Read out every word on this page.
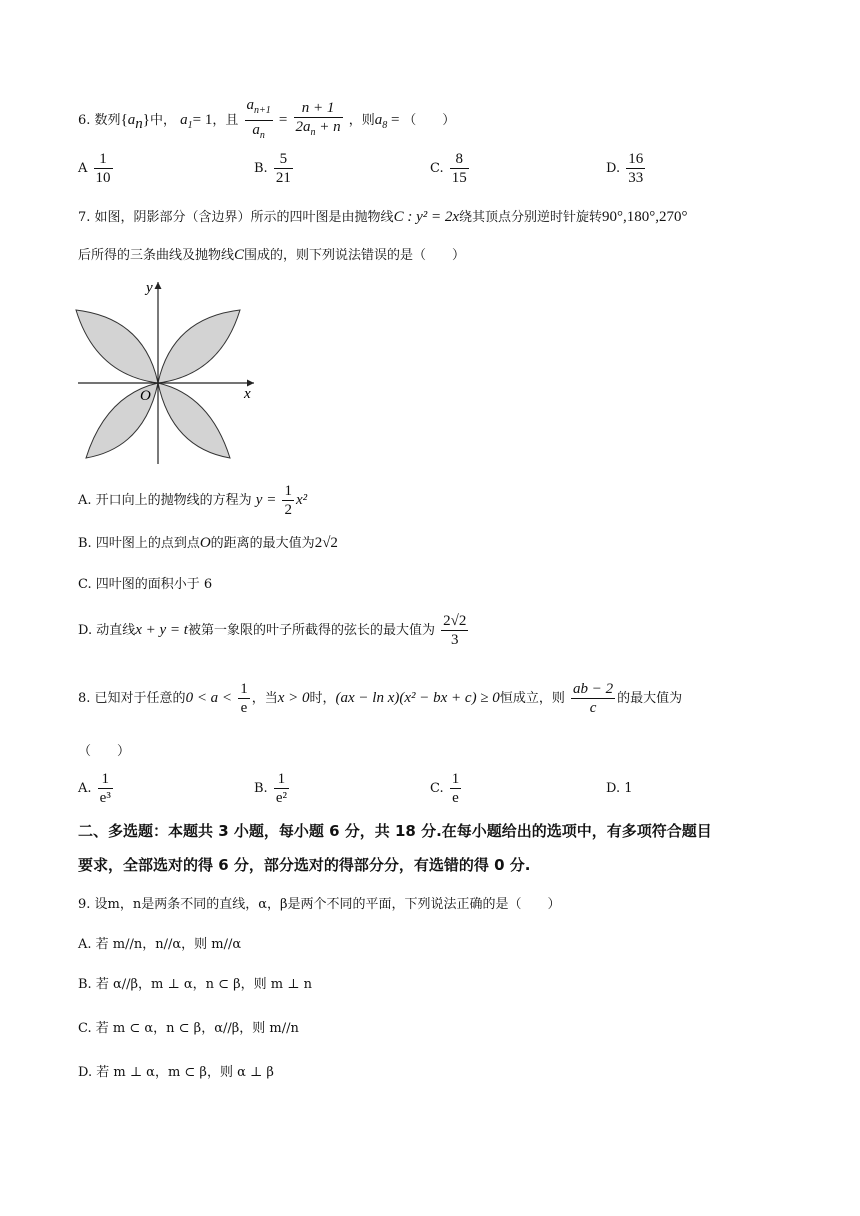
6. 数列$\{a_n\}$中， $a_1= 1$，且 $\frac{a_{n+1}}{a_n} = \frac{n + 1}{2a_n + n}$ ，则$a_8$ = （　　）
A $\frac{1}{10}$	B. $\frac{5}{21}$	C. $\frac{8}{15}$	D. $\frac{16}{33}$
7. 如图，阴影部分（含边界）所示的四叶图是由抛物线C : y² = 2x绕其顶点分别逆时针旋转90°,180°,270°
后所得的三条曲线及抛物线C围成的，则下列说法错误的是（　　）
y
x
O
A. 开口向上的抛物线的方程为 $y = \frac{1}{2} x^2$
B. 四叶图上的点到点O的距离的最大值为2√2
C. 四叶图的面积小于 6
D. 动直线x + y = t被第一象限的叶子所截得的弦长的最大值为 $\frac{2√2}{3}$
8. 已知对于任意的$0 < a < \frac{1}{e}$ ，当x > 0时，(ax − ln x)(x² − bx + c) ≥ 0恒成立，则 $\frac{ab - 2}{c}$ 的最大值为
（　　）
A. $\frac{1}{\text{e³}}$	B. $\frac{1}{\text{e²}}$	C. $\frac{1}{e}$	D. 1
二、多选题：本题共 3 小题，每小题 6 分，共 18 分.在每小题给出的选项中，有多项符合题目
要求，全部选对的得 6 分，部分选对的得部分分，有选错的得 0 分.
9. 设m，n是两条不同的直线，α，β是两个不同的平面，下列说法正确的是（　　）
A. 若 m//n，n//α，则 m//α
B. 若 α//β，m ⊥ α，n ⊂ β，则 m ⊥ n
C. 若 m ⊂ α，n ⊂ β，α//β，则 m//n
D. 若 m ⊥ α，m ⊂ β，则 α ⊥ β
